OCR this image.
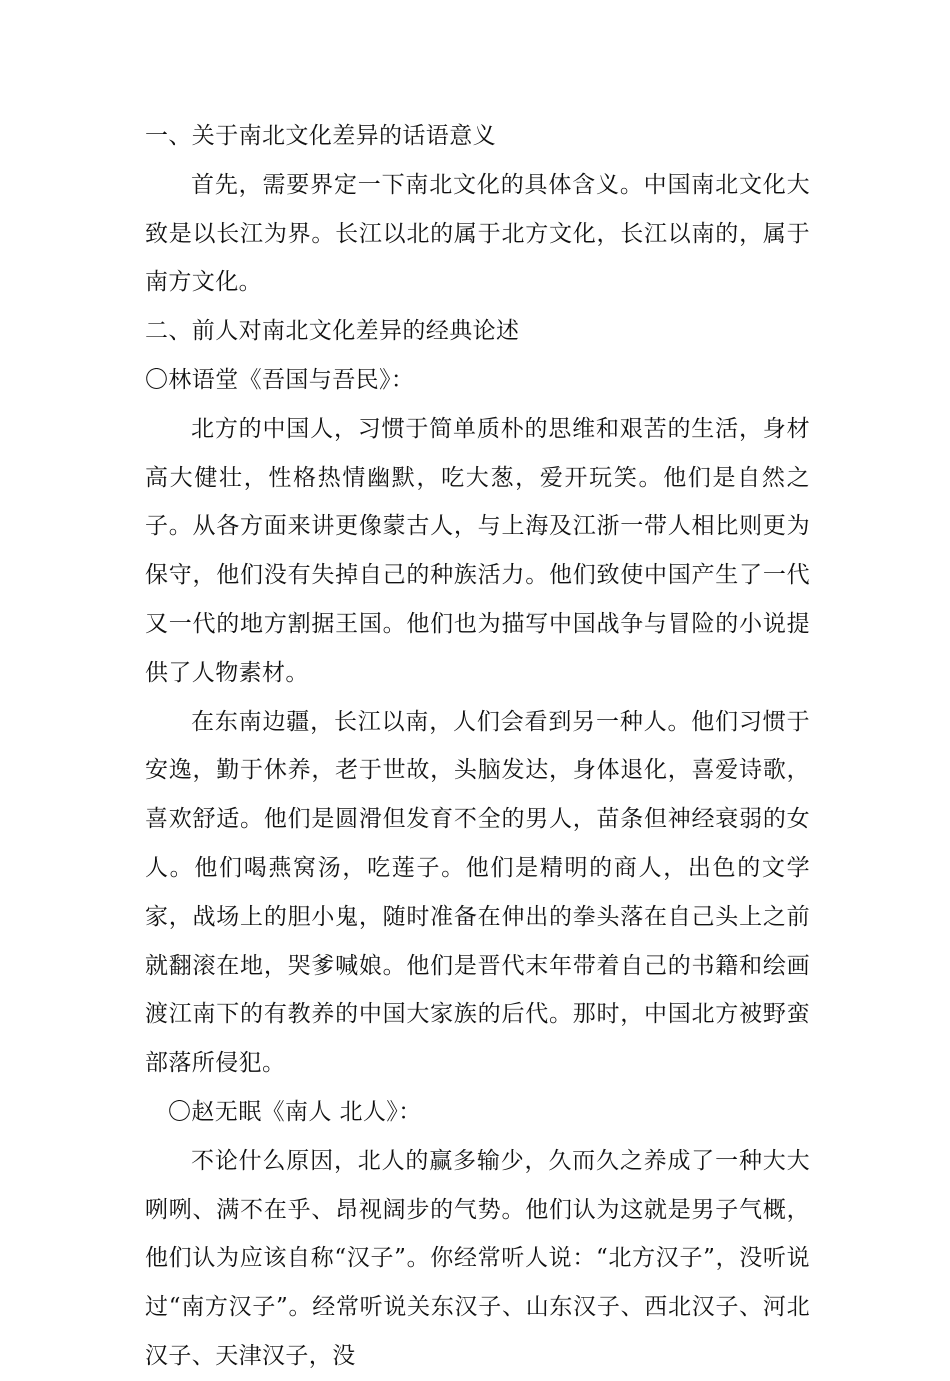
一、关于南北文化差异的话语意义

首先，需要界定一下南北文化的具体含义。中国南北文化大致是以长江为界。长江以北的属于北方文化，长江以南的，属于南方文化。

二、前人对南北文化差异的经典论述

〇林语堂《吾国与吾民》：

北方的中国人，习惯于简单质朴的思维和艰苦的生活，身材高大健壮，性格热情幽默，吃大葱，爱开玩笑。他们是自然之子。从各方面来讲更像蒙古人，与上海及江浙一带人相比则更为保守，他们没有失掉自己的种族活力。他们致使中国产生了一代又一代的地方割据王国。他们也为描写中国战争与冒险的小说提供了人物素材。

在东南边疆，长江以南，人们会看到另一种人。他们习惯于安逸，勤于休养，老于世故，头脑发达，身体退化，喜爱诗歌，喜欢舒适。他们是圆滑但发育不全的男人，苗条但神经衰弱的女人。他们喝燕窝汤，吃莲子。他们是精明的商人，出色的文学家，战场上的胆小鬼，随时准备在伸出的拳头落在自己头上之前就翻滚在地，哭爹喊娘。他们是晋代末年带着自己的书籍和绘画渡江南下的有教养的中国大家族的后代。那时，中国北方被野蛮部落所侵犯。

〇赵无眠《南人 北人》：

不论什么原因，北人的赢多输少，久而久之养成了一种大大咧咧、满不在乎、昂视阔步的气势。他们认为这就是男子气概，他们认为应该自称“汉子”。你经常听人说：“北方汉子”，没听说过“南方汉子”。经常听说关东汉子、山东汉子、西北汉子、河北汉子、天津汉子，没
